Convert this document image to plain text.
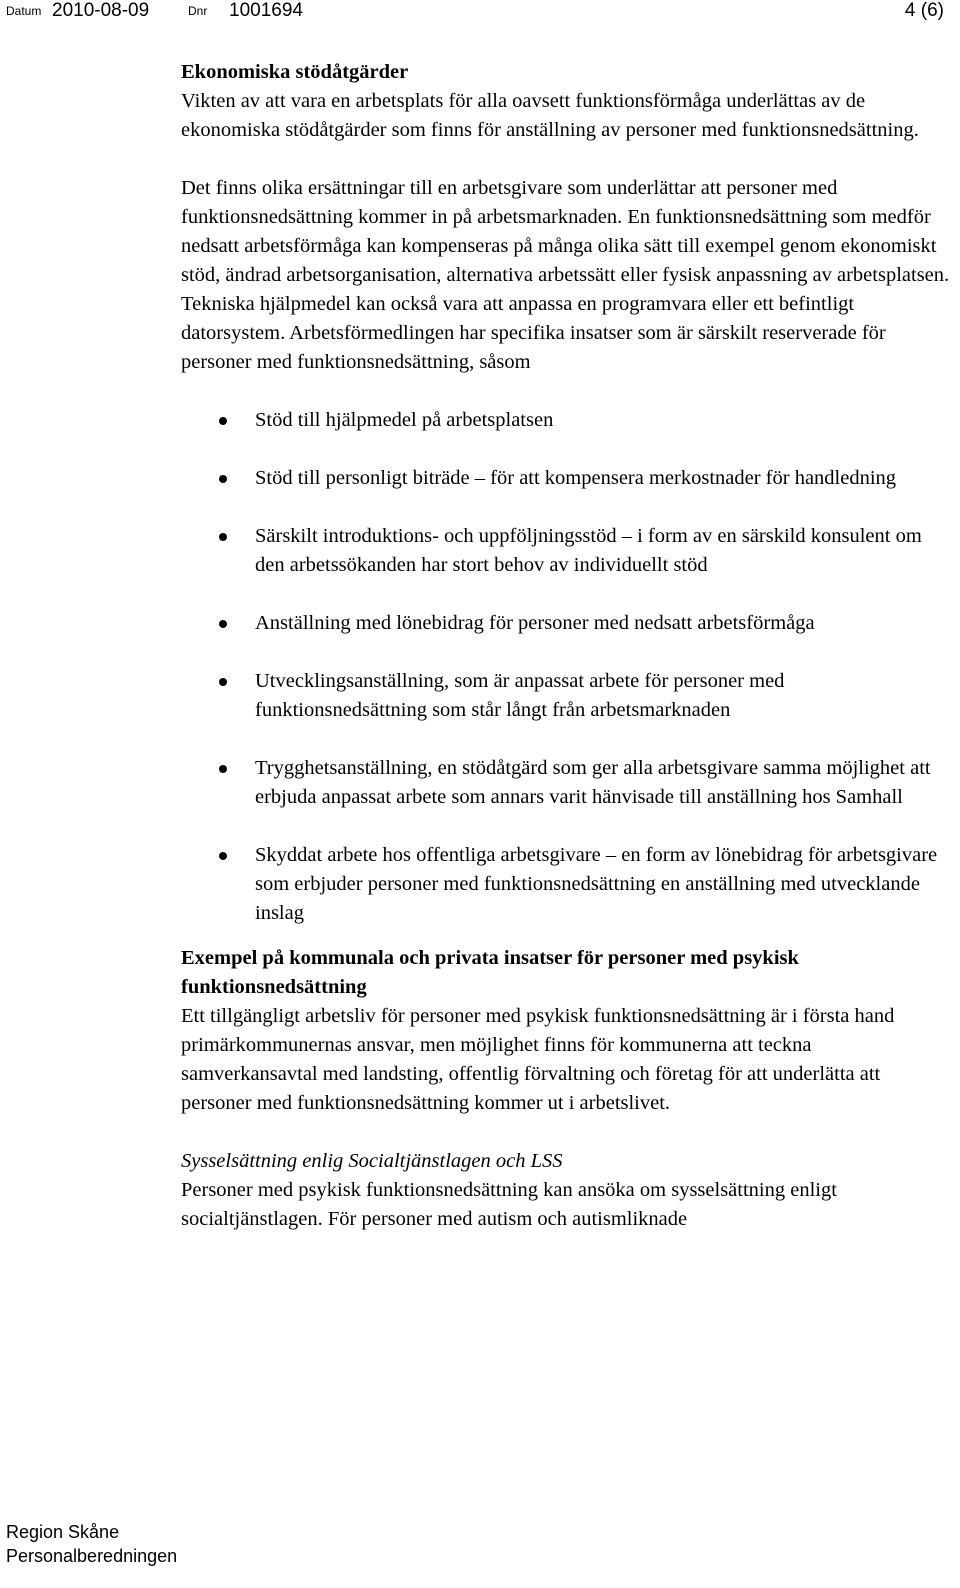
Datum 2010-08-09	Dnr 1001694	4 (6)

Ekonomiska stödåtgärder

Vikten av att vara en arbetsplats för alla oavsett funktionsförmåga underlättas av de ekonomiska stödåtgärder som finns för anställning av personer med funktionsnedsättning.

Det finns olika ersättningar till en arbetsgivare som underlättar att personer med funktionsnedsättning kommer in på arbetsmarknaden. En funktionsnedsättning som medför nedsatt arbetsförmåga kan kompenseras på många olika sätt till exempel genom ekonomiskt stöd, ändrad arbetsorganisation, alternativa arbetssätt eller fysisk anpassning av arbetsplatsen. Tekniska hjälpmedel kan också vara att anpassa en programvara eller ett befintligt datorsystem. Arbetsförmedlingen har specifika insatser som är särskilt reserverade för personer med funktionsnedsättning, såsom

Stöd till hjälpmedel på arbetsplatsen
Stöd till personligt biträde – för att kompensera merkostnader för handledning
Särskilt introduktions- och uppföljningsstöd – i form av en särskild konsulent om den arbetssökanden har stort behov av individuellt stöd
Anställning med lönebidrag för personer med nedsatt arbetsförmåga
Utvecklingsanställning, som är anpassat arbete för personer med funktionsnedsättning som står långt från arbetsmarknaden
Trygghetsanställning, en stödåtgärd som ger alla arbetsgivare samma möjlighet att erbjuda anpassat arbete som annars varit hänvisade till anställning hos Samhall
Skyddat arbete hos offentliga arbetsgivare – en form av lönebidrag för arbetsgivare som erbjuder personer med funktionsnedsättning en anställning med utvecklande inslag

Exempel på kommunala och privata insatser för personer med psykisk funktionsnedsättning

Ett tillgängligt arbetsliv för personer med psykisk funktionsnedsättning är i första hand primärkommunernas ansvar, men möjlighet finns för kommunerna att teckna samverkansavtal med landsting, offentlig förvaltning och företag för att underlätta att personer med funktionsnedsättning kommer ut i arbetslivet.

Sysselsättning enlig Socialtjänstlagen och LSS

Personer med psykisk funktionsnedsättning kan ansöka om sysselsättning enligt socialtjänstlagen. För personer med autism och autismliknade

Region Skåne
Personalberedningen
